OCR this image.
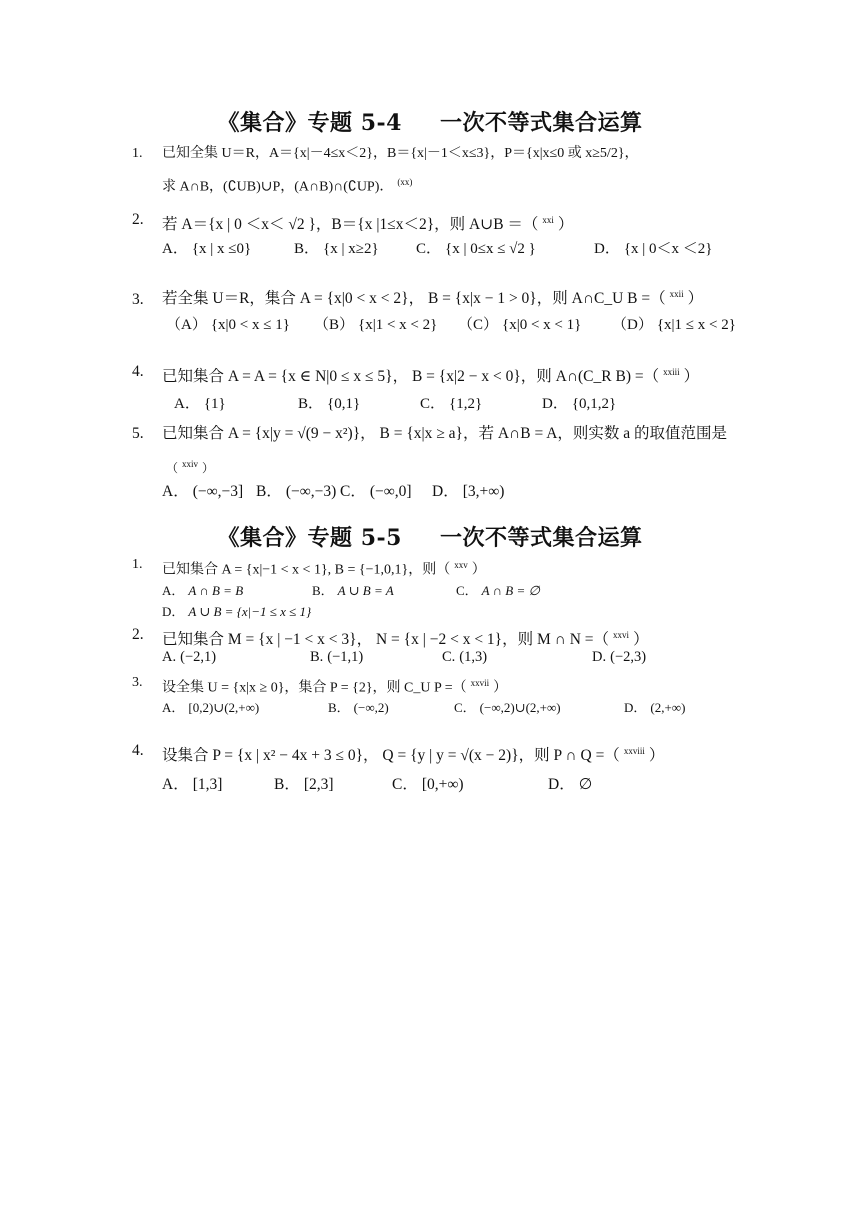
《集合》专题 5-4 一次不等式集合运算
1.	已知全集 U＝R，A＝{x|－4≤x＜2}，B＝{x|－1＜x≤3}，P＝{x|x≤0 或 x≥5/2}，
求 A∩B，(∁UB)∪P，(A∩B)∩(∁UP)． $^{(xx)}$
2.	若 A＝{x | 0 ＜x＜ √2 }，B＝{x |1≤x＜2}，则 A∪B ＝（ $^{xxi}$ ）
A． {x | x ≤0}	B． {x | x≥2} C． {x | 0≤x ≤ √2 }	D． {x | 0＜x ＜2}
3.	若全集 U＝R，集合 A = {x|0 < x < 2}， B = {x|x − 1 > 0}，则 A∩C_U B =（ $^{xxii}$ ）
（A） {x|0 < x ≤ 1} （B） {x|1 < x < 2} （C） {x|0 < x < 1} （D） {x|1 ≤ x < 2}
4.	已知集合 A = A = {x ∈ N|0 ≤ x ≤ 5}， B = {x|2 − x < 0}，则 A∩(C_R B) =（ $^{xxiii}$ ）
A． {1}	B． {0,1}	C． {1,2}	D． {0,1,2}
5.	已知集合 A = {x|y = √(9 − x²)}， B = {x|x ≥ a}，若 A∩B = A，则实数 a 的取值范围是
（ $^{xxiv}$ ）
A． (−∞,−3] B． (−∞,−3) C． (−∞,0] D． [3,+∞)
《集合》专题 5-5 一次不等式集合运算
1.	已知集合 A = {x|−1 < x < 1}, B = {−1,0,1}，则（ $^{xxv}$ ）
A． A ∩ B = B	B． A ∪ B = A	C． A ∩ B = ∅
D． A ∪ B = {x|−1 ≤ x ≤ 1}
2.	已知集合 M = {x | −1 < x < 3}， N = {x | −2 < x < 1}，则 M ∩ N =（ $^{xxvi}$ ）
A. (−2,1)	B. (−1,1)	C. (1,3)	D. (−2,3)
3.	设全集 U = {x|x ≥ 0}，集合 P = {2}，则 C_U P =（ $^{xxvii}$ ）
A． [0,2)∪(2,+∞)	B． (−∞,2)	C． (−∞,2)∪(2,+∞)	D． (2,+∞)
4.	设集合 P = {x | x² − 4x + 3 ≤ 0}， Q = {y | y = √(x − 2)}，则 P ∩ Q =（ $^{xxviii}$ ）
A． [1,3]	B． [2,3]	C． [0,+∞)	D． ∅
